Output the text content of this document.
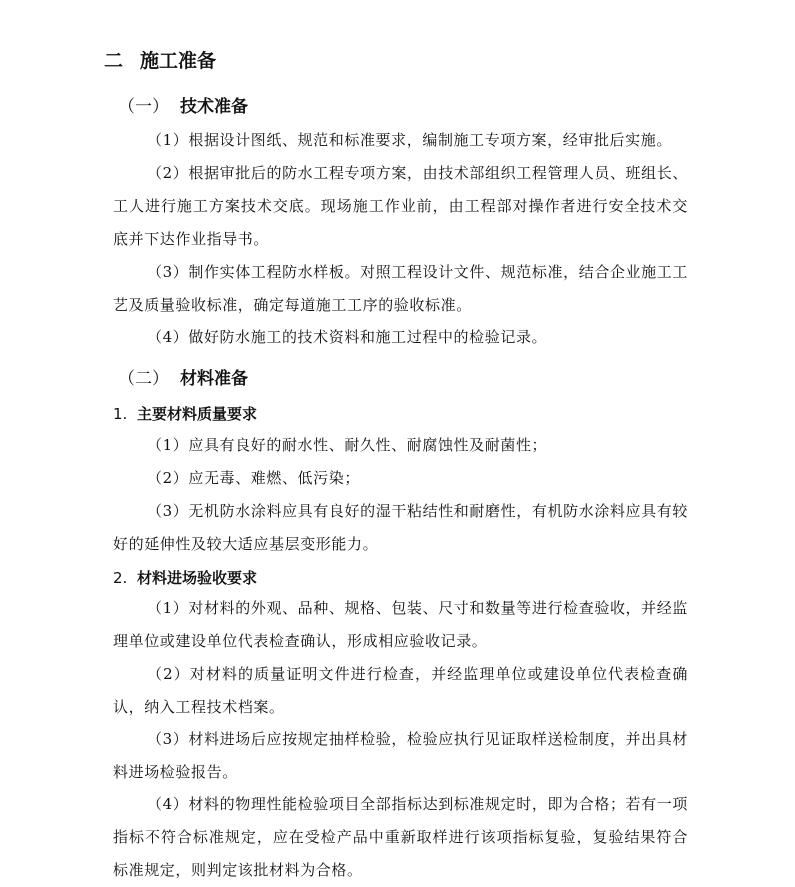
二 施工准备
（一） 技术准备
（1）根据设计图纸、规范和标准要求，编制施工专项方案，经审批后实施。
（2）根据审批后的防水工程专项方案，由技术部组织工程管理人员、班组长、工人进行施工方案技术交底。现场施工作业前，由工程部对操作者进行安全技术交底并下达作业指导书。
（3）制作实体工程防水样板。对照工程设计文件、规范标准，结合企业施工工艺及质量验收标准，确定每道施工工序的验收标准。
（4）做好防水施工的技术资料和施工过程中的检验记录。
（二） 材料准备
1. 主要材料质量要求
（1）应具有良好的耐水性、耐久性、耐腐蚀性及耐菌性；
（2）应无毒、难燃、低污染；
（3）无机防水涂料应具有良好的湿干粘结性和耐磨性，有机防水涂料应具有较好的延伸性及较大适应基层变形能力。
2. 材料进场验收要求
（1）对材料的外观、品种、规格、包装、尺寸和数量等进行检查验收，并经监理单位或建设单位代表检查确认，形成相应验收记录。
（2）对材料的质量证明文件进行检查，并经监理单位或建设单位代表检查确认，纳入工程技术档案。
（3）材料进场后应按规定抽样检验，检验应执行见证取样送检制度，并出具材料进场检验报告。
（4）材料的物理性能检验项目全部指标达到标准规定时，即为合格；若有一项指标不符合标准规定，应在受检产品中重新取样进行该项指标复验，复验结果符合标准规定，则判定该批材料为合格。
